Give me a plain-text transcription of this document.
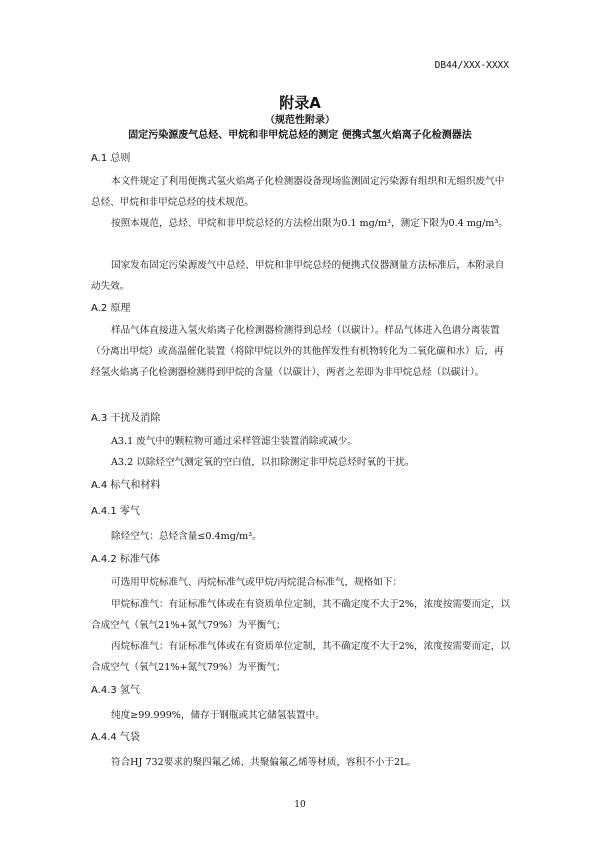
DB44/XXX-XXXX
附录A
（规范性附录）
固定污染源废气总烃、甲烷和非甲烷总烃的测定 便携式氢火焰离子化检测器法
A.1 总则
本文件规定了利用便携式氢火焰离子化检测器设备现场监测固定污染源有组织和无组织废气中总烃、甲烷和非甲烷总烃的技术规范。
按照本规范，总烃、甲烷和非甲烷总烃的方法检出限为0.1 mg/m³，测定下限为0.4 mg/m³。
国家发布固定污染源废气中总烃、甲烷和非甲烷总烃的便携式仪器测量方法标准后，本附录自动失效。
A.2 原理
样品气体直接进入氢火焰离子化检测器检测得到总烃（以碳计）。样品气体进入色谱分离装置（分离出甲烷）或高温催化装置（将除甲烷以外的其他挥发性有机物转化为二氧化碳和水）后，再经氢火焰离子化检测器检测得到甲烷的含量（以碳计），两者之差即为非甲烷总烃（以碳计）。
A.3 干扰及消除
A3.1 废气中的颗粒物可通过采样管滤尘装置消除或减少。
A3.2 以除烃空气测定氧的空白值，以扣除测定非甲烷总烃时氧的干扰。
A.4 标气和材料
A.4.1 零气
除烃空气：总烃含量≤0.4mg/m³。
A.4.2 标准气体
可选用甲烷标准气、丙烷标准气或甲烷/丙烷混合标准气，规格如下：
甲烷标准气：有证标准气体或在有资质单位定制，其不确定度不大于2%，浓度按需要而定，以合成空气（氧气21%+氮气79%）为平衡气；
丙烷标准气：有证标准气体或在有资质单位定制，其不确定度不大于2%，浓度按需要而定，以合成空气（氧气21%+氮气79%）为平衡气；
A.4.3 氢气
纯度≥99.999%，储存于钢瓶或其它储氢装置中。
A.4.4 气袋
符合HJ 732要求的聚四氟乙烯、共聚偏氟乙烯等材质，容积不小于2L。
10
